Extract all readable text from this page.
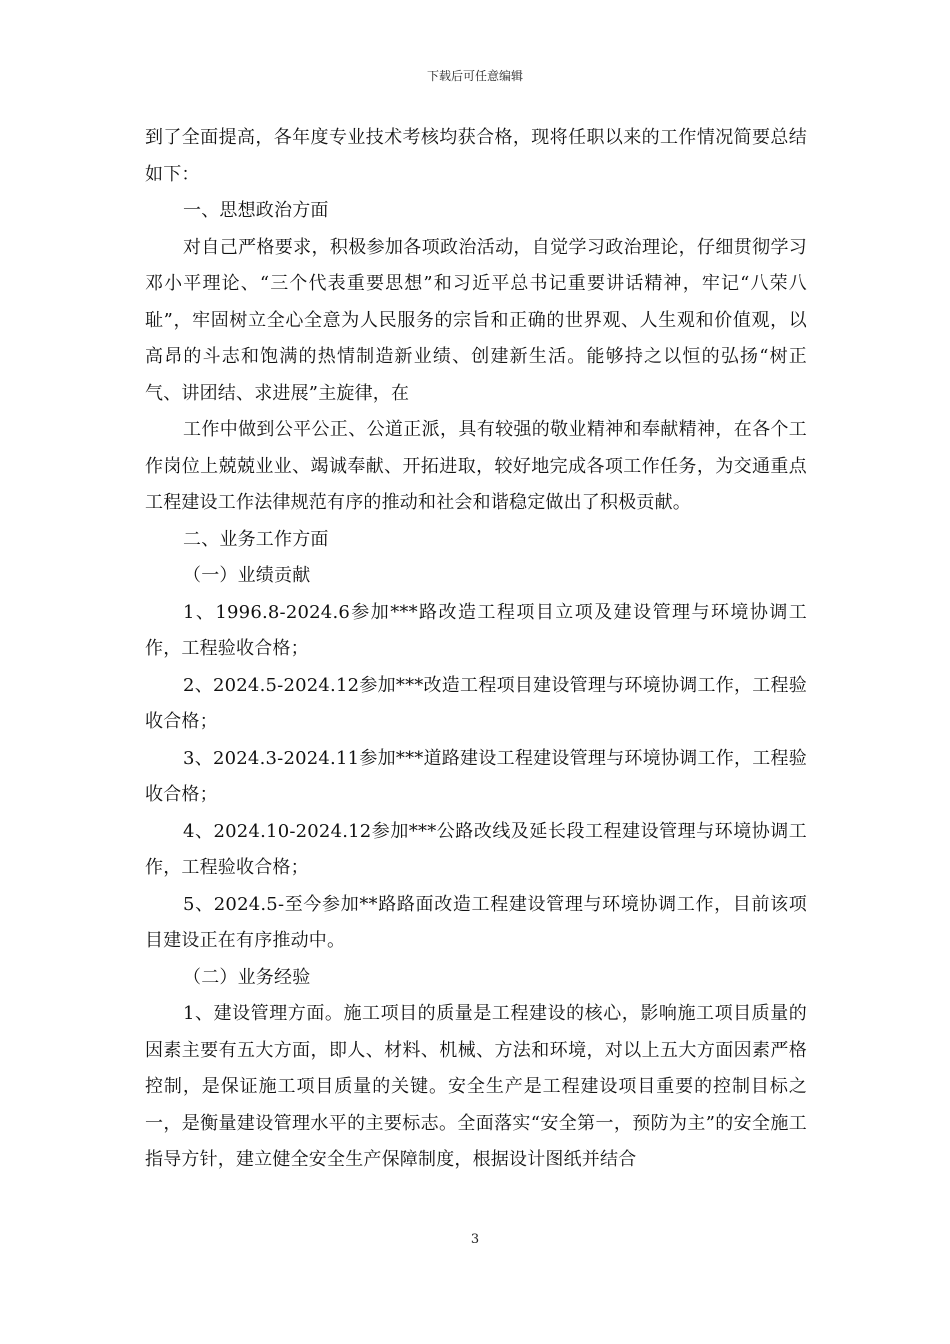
下载后可任意编辑

到了全面提高，各年度专业技术考核均获合格，现将任职以来的工作情况简要总结如下：

一、思想政治方面

对自己严格要求，积极参加各项政治活动，自觉学习政治理论，仔细贯彻学习邓小平理论、“三个代表重要思想”和习近平总书记重要讲话精神，牢记“八荣八耻”，牢固树立全心全意为人民服务的宗旨和正确的世界观、人生观和价值观，以高昂的斗志和饱满的热情制造新业绩、创建新生活。能够持之以恒的弘扬“树正气、讲团结、求进展”主旋律，在

工作中做到公平公正、公道正派，具有较强的敬业精神和奉献精神，在各个工作岗位上兢兢业业、竭诚奉献、开拓进取，较好地完成各项工作任务，为交通重点工程建设工作法律规范有序的推动和社会和谐稳定做出了积极贡献。

二、业务工作方面

（一）业绩贡献

1、1996.8-2024.6参加***路改造工程项目立项及建设管理与环境协调工作，工程验收合格；

2、2024.5-2024.12参加***改造工程项目建设管理与环境协调工作，工程验收合格；

3、2024.3-2024.11参加***道路建设工程建设管理与环境协调工作，工程验收合格；

4、2024.10-2024.12参加***公路改线及延长段工程建设管理与环境协调工作，工程验收合格；

5、2024.5-至今参加**路路面改造工程建设管理与环境协调工作，目前该项目建设正在有序推动中。

（二）业务经验

1、建设管理方面。施工项目的质量是工程建设的核心，影响施工项目质量的因素主要有五大方面，即人、材料、机械、方法和环境，对以上五大方面因素严格控制，是保证施工项目质量的关键。安全生产是工程建设项目重要的控制目标之一，是衡量建设管理水平的主要标志。全面落实“安全第一，预防为主”的安全施工指导方针，建立健全安全生产保障制度，根据设计图纸并结合

3
